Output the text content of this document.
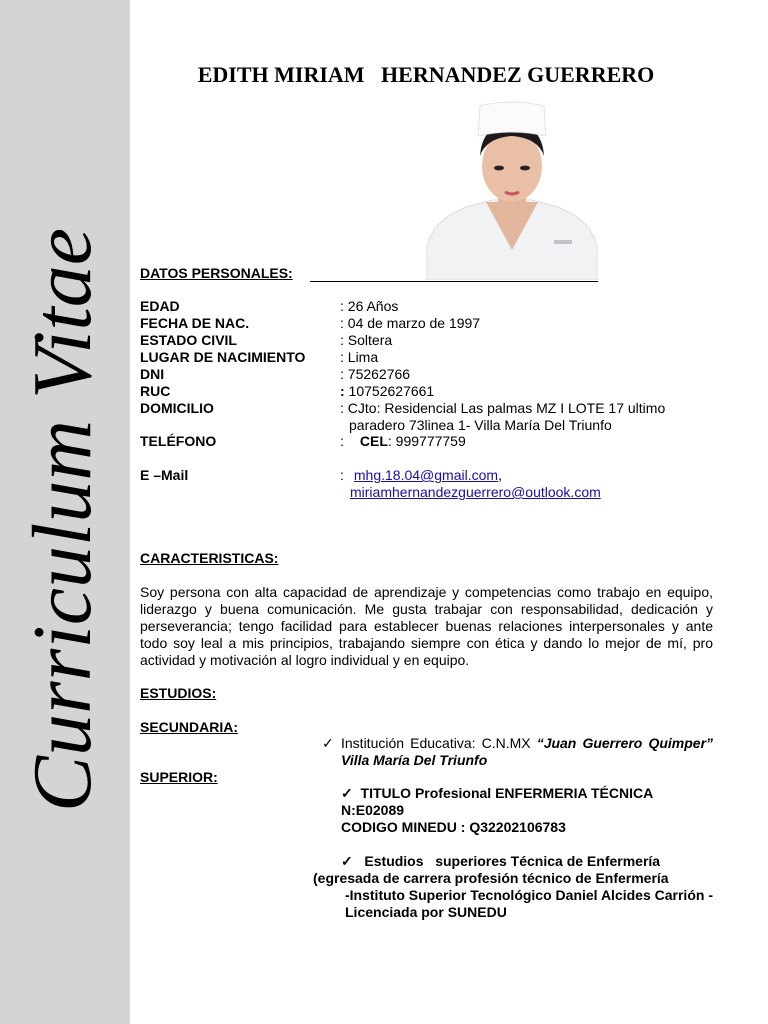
Curriculum Vitae
EDITH MIRIAM   HERNANDEZ GUERRERO
DATOS PERSONALES:
EDAD	: 26 Años
FECHA DE NAC.	: 04 de marzo de 1997
ESTADO CIVIL	: Soltera
LUGAR DE NACIMIENTO : Lima
DNI	: 75262766
RUC	: 10752627661
DOMICILIO	: CJto: Residencial Las palmas MZ I LOTE 17 ultimo
paradero 73linea 1- Villa María Del Triunfo
TELÉFONO	: CEL: 999777759
E –Mail	: mhg.18.04@gmail.com,
miriamhernandezguerrero@outlook.com
CARACTERISTICAS:
Soy persona con alta capacidad de aprendizaje y competencias como trabajo en equipo, liderazgo y buena comunicación. Me gusta trabajar con responsabilidad, dedicación y perseverancia; tengo facilidad para establecer buenas relaciones interpersonales y ante todo soy leal a mis principios, trabajando siempre con ética y dando lo mejor de mí, pro actividad y motivación al logro individual y en equipo.
ESTUDIOS:
SECUNDARIA:
✓ Institución Educativa: C.N.MX “Juan Guerrero Quimper” Villa María Del Triunfo
SUPERIOR:
✓ TITULO Profesional ENFERMERIA TÉCNICA
N:E02089
CODIGO MINEDU : Q32202106783
✓ Estudios   superiores Técnica de Enfermería
(egresada de carrera profesión técnico de Enfermería
-Instituto Superior Tecnológico Daniel Alcides Carrión - Licenciada por SUNEDU
